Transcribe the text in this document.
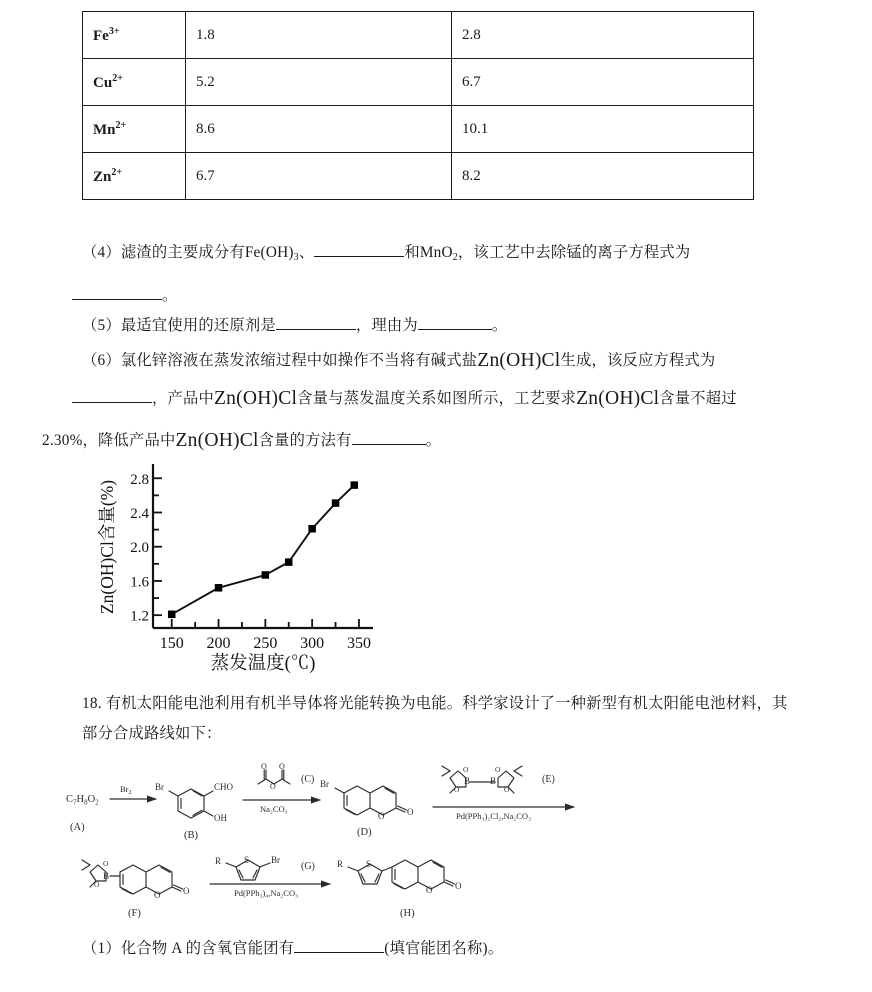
$Fe^{3+}$	1.8	2.8
$Cu^{2+}$	5.2	6.7
$Mn^{2+}$	8.6	10.1
$Zn^{2+}$	6.7	8.2
（4）滤渣的主要成分有$Fe(OH)_3$、	和MnO$_2$，该工艺中去除锰的离子方程式为
。
（5）最适宜使用的还原剂是	，理由为	。
（6）氯化锌溶液在蒸发浓缩过程中如操作不当将有碱式盐Zn(OH)Cl生成，该反应方程式为
，产品中Zn(OH)Cl含量与蒸发温度关系如图所示，工艺要求Zn(OH)Cl含量不超过
2.30%，降低产品中Zn(OH)Cl含量的方法有	。
1.2
1.6
2.0
2.4
2.8
150 200 250 300 350
Zn(OH)Cl含量(%)
蒸发温度(℃)
18. 有机太阳能电池利用有机半导体将光能转换为电能。科学家设计了一种新型有机太阳能电池材料，其
部分合成路线如下：
$C_7H_8O_2$
(A)
$Br_2$
Br	CHO
OH
(B)
O O
O
(C)
Na₂CO₃
Br
O	O
(D)
B B
O
O
O
O
(E)
Pd(PPh₃)₂Cl₂,Na₂CO₃
B
O
O
O	O
(F)
R	S Br
(G)
Pd(PPh₃)₄,Na₂CO₃
R	S
O	O
(H)
（1）化合物 A 的含氧官能团有	(填官能团名称)。
